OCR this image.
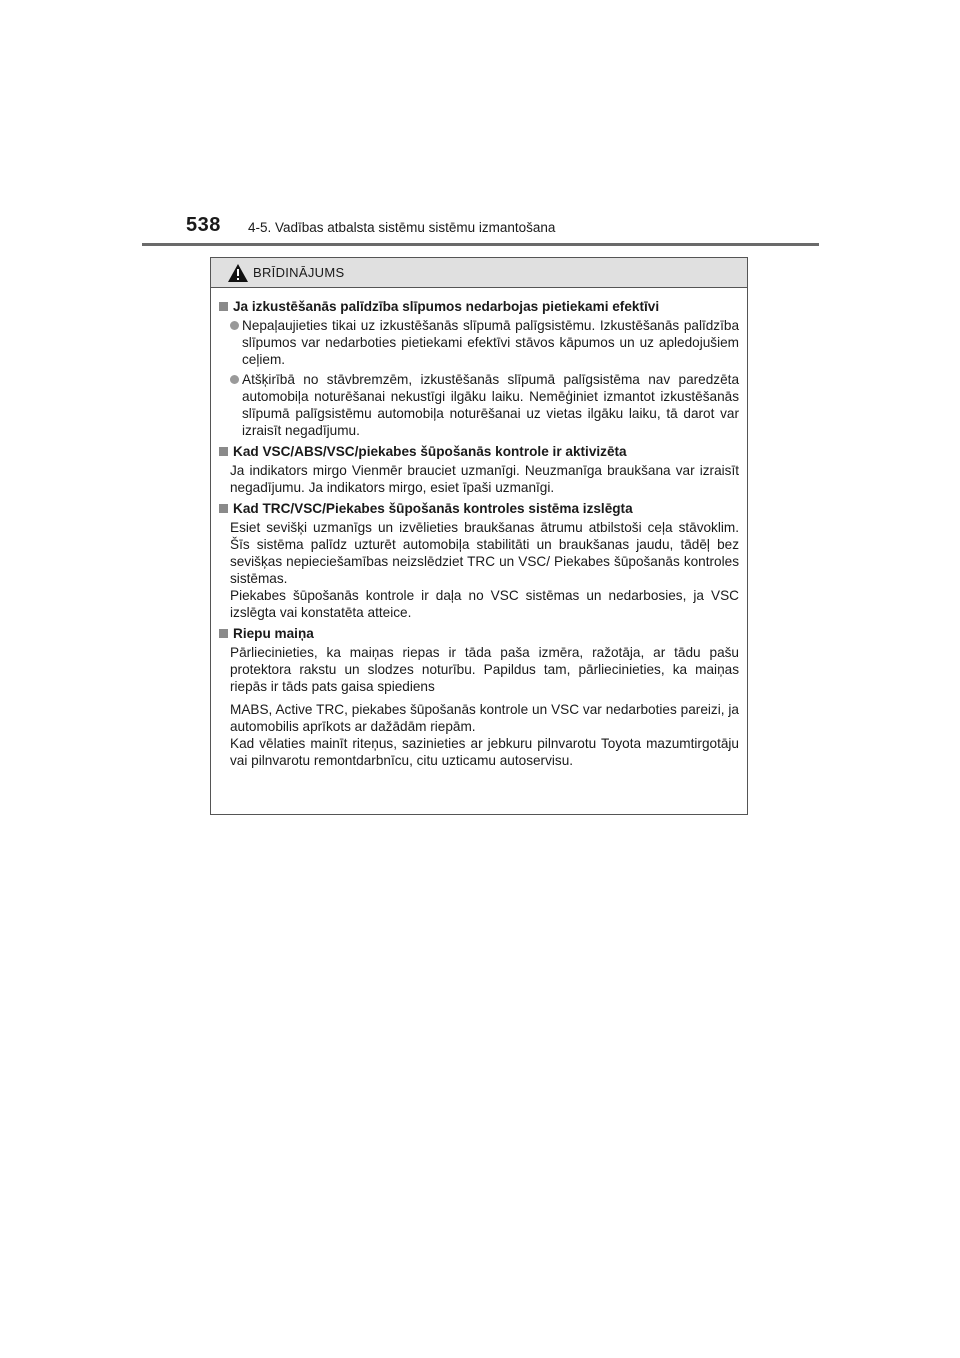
538 4-5. Vadības atbalsta sistēmu sistēmu izmantošana
BRĪDINĀJUMS
Ja izkustēšanās palīdzība slīpumos nedarbojas pietiekami efektīvi
Nepaļaujieties tikai uz izkustēšanās slīpumā palīgsistēmu. Izkustēšanās palīdzība slīpumos var nedarboties pietiekami efektīvi stāvos kāpumos un uz apledojušiem ceļiem.
Atšķirībā no stāvbremzēm, izkustēšanās slīpumā palīgsistēma nav paredzēta automobiļa noturēšanai nekustīgi ilgāku laiku. Nemēģiniet izmantot izkustēšanās slīpumā palīgsistēmu automobiļa noturēšanai uz vietas ilgāku laiku, tā darot var izraisīt negadījumu.
Kad VSC/ABS/VSC/piekabes šūpošanās kontrole ir aktivizēta
Ja indikators mirgo Vienmēr brauciet uzmanīgi. Neuzmanīga braukšana var izraisīt negadījumu. Ja indikators mirgo, esiet īpaši uzmanīgi.
Kad TRC/VSC/Piekabes šūpošanās kontroles sistēma izslēgta
Esiet sevišķi uzmanīgs un izvēlieties braukšanas ātrumu atbilstoši ceļa stāvoklim. Šīs sistēma palīdz uzturēt automobiļa stabilitāti un braukšanas jaudu, tādēļ bez sevišķas nepieciešamības neizslēdziet TRC un VSC/ Piekabes šūpošanās kontroles sistēmas.
Piekabes šūpošanās kontrole ir daļa no VSC sistēmas un nedarbosies, ja VSC izslēgta vai konstatēta atteice.
Riepu maiņa
Pārliecinieties, ka maiņas riepas ir tāda paša izmēra, ražotāja, ar tādu pašu protektora rakstu un slodzes noturību. Papildus tam, pārliecinieties, ka maiņas riepās ir tāds pats gaisa spiediens
MABS, Active TRC, piekabes šūpošanās kontrole un VSC var nedarboties pareizi, ja automobilis aprīkots ar dažādām riepām.
Kad vēlaties mainīt riteņus, sazinieties ar jebkuru pilnvarotu Toyota mazumtirgotāju vai pilnvarotu remontdarbnīcu, citu uzticamu autoservisu.
